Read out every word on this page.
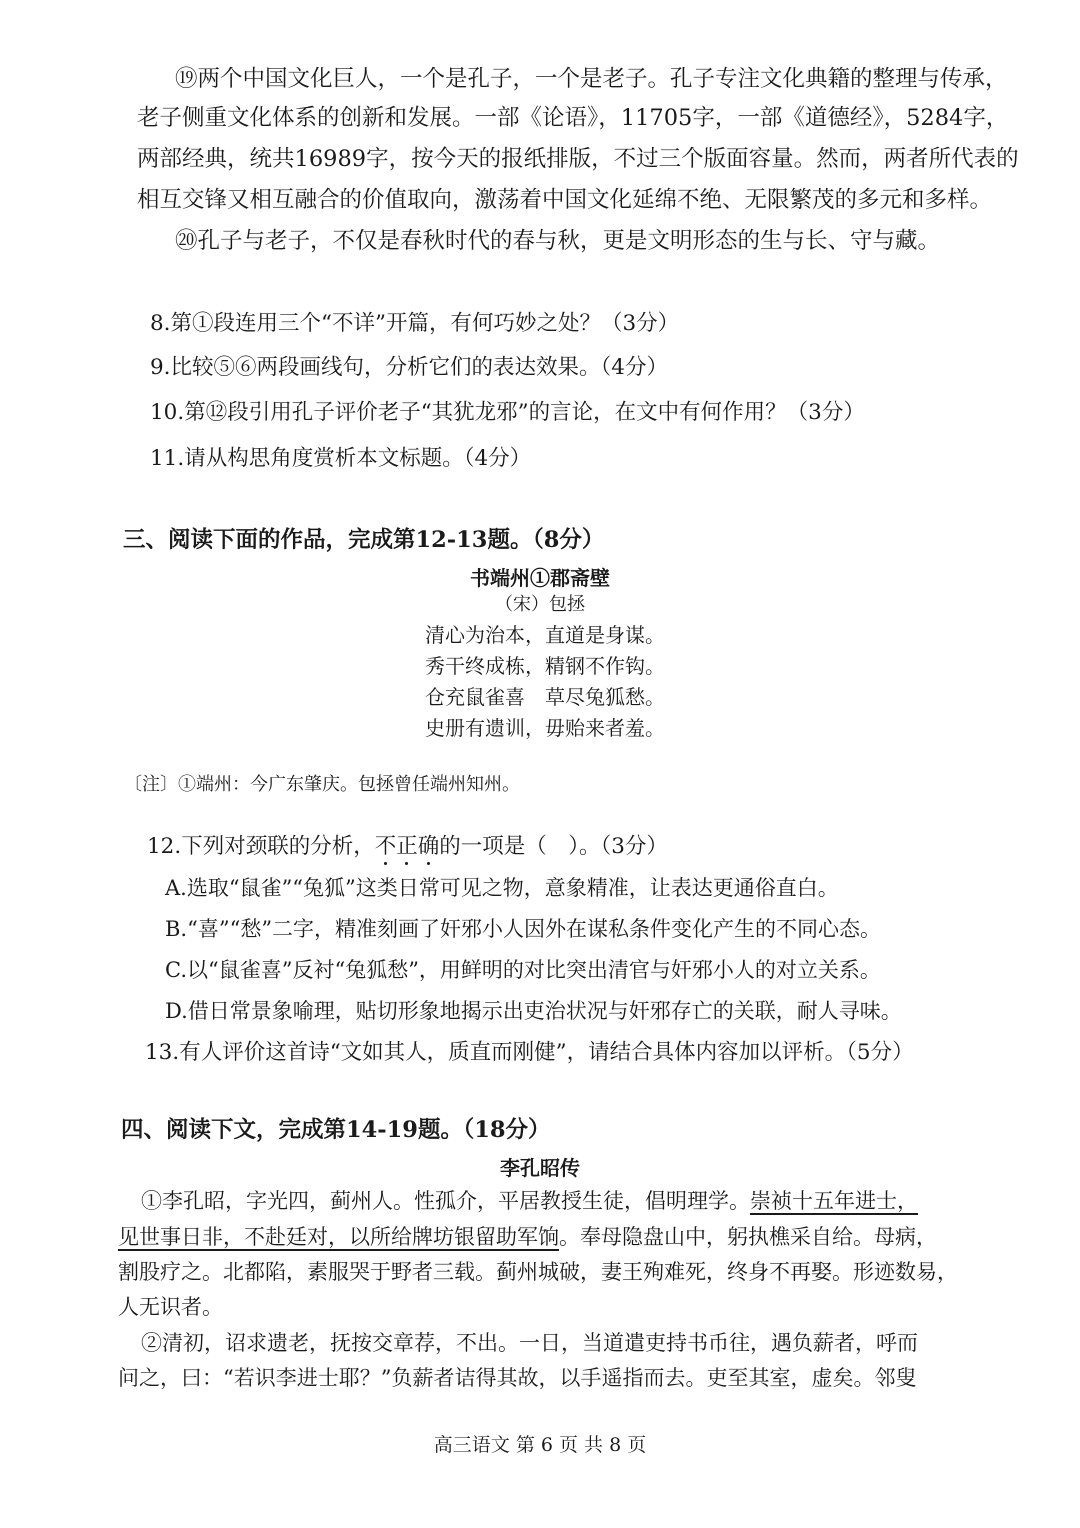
⑲两个中国文化巨人，一个是孔子，一个是老子。孔子专注文化典籍的整理与传承，
老子侧重文化体系的创新和发展。一部《论语》，11705字，一部《道德经》，5284字，
两部经典，统共16989字，按今天的报纸排版，不过三个版面容量。然而，两者所代表的
相互交锋又相互融合的价值取向，激荡着中国文化延绵不绝、无限繁茂的多元和多样。
⑳孔子与老子，不仅是春秋时代的春与秋，更是文明形态的生与长、守与藏。
8.第①段连用三个“不详”开篇，有何巧妙之处？（3分）
9.比较⑤⑥两段画线句，分析它们的表达效果。（4分）
10.第⑫段引用孔子评价老子“其犹龙邪”的言论，在文中有何作用？（3分）
11.请从构思角度赏析本文标题。（4分）
三、阅读下面的作品，完成第12-13题。（8分）
书端州①郡斋壁
（宋）包拯
清心为治本，直道是身谋。
秀干终成栋，精钢不作钩。
仓充鼠雀喜　草尽兔狐愁。
史册有遗训，毋贻来者羞。
〔注〕①端州：今广东肇庆。包拯曾任端州知州。
12.下列对颈联的分析，不正确的一项是（　）。（3分）
A.选取“鼠雀”“兔狐”这类日常可见之物，意象精准，让表达更通俗直白。
B.“喜”“愁”二字，精准刻画了奸邪小人因外在谋私条件变化产生的不同心态。
C.以“鼠雀喜”反衬“兔狐愁”，用鲜明的对比突出清官与奸邪小人的对立关系。
D.借日常景象喻理，贴切形象地揭示出吏治状况与奸邪存亡的关联，耐人寻味。
13.有人评价这首诗“文如其人，质直而刚健”，请结合具体内容加以评析。（5分）
四、阅读下文，完成第14-19题。（18分）
李孔昭传
①李孔昭，字光四，蓟州人。性孤介，平居教授生徒，倡明理学。崇祯十五年进士，
见世事日非，不赴廷对，以所给牌坊银留助军饷。奉母隐盘山中，躬执樵采自给。母病，
割股疗之。北都陷，素服哭于野者三载。蓟州城破，妻王殉难死，终身不再娶。形迹数易，
人无识者。
②清初，诏求遗老，抚按交章荐，不出。一日，当道遣吏持书币往，遇负薪者，呼而
问之，曰：“若识李进士耶？”负薪者诘得其故，以手遥指而去。吏至其室，虚矣。邻叟
高三语文 第 6 页 共 8 页
